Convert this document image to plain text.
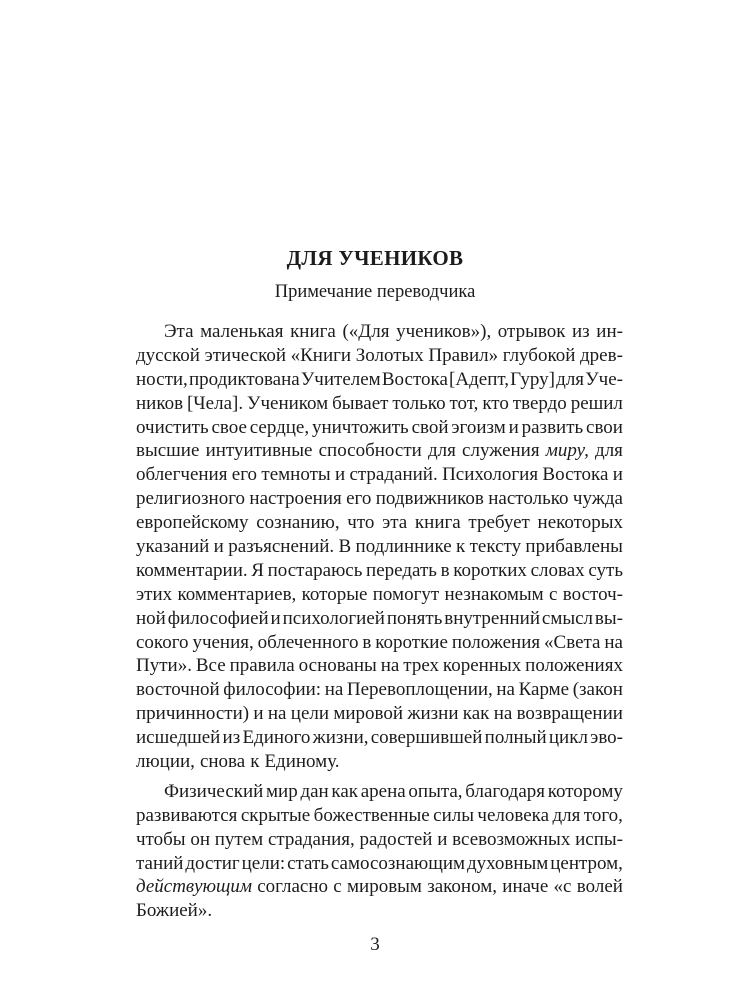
ДЛЯ УЧЕНИКОВ

Примечание переводчика

Эта маленькая книга («Для учеников»), отрывок из ин-
дусской этической «Книги Золотых Правил» глубокой древ-
ности, продиктована Учителем Востока [Адепт, Гуру] для Уче-
ников [Чела]. Учеником бывает только тот, кто твердо решил
очистить свое сердце, уничтожить свой эгоизм и развить свои
высшие интуитивные способности для служения миру, для
облегчения его темноты и страданий. Психология Востока и
религиозного настроения его подвижников настолько чужда
европейскому сознанию, что эта книга требует некоторых
указаний и разъяснений. В подлиннике к тексту прибавлены
комментарии. Я постараюсь передать в коротких словах суть
этих комментариев, которые помогут незнакомым с восточ-
ной философией и психологией понять внутренний смысл вы-
сокого учения, облеченного в короткие положения «Света на
Пути». Все правила основаны на трех коренных положениях
восточной философии: на Перевоплощении, на Карме (закон
причинности) и на цели мировой жизни как на возвращении
исшедшей из Единого жизни, совершившей полный цикл эво-
люции, снова к Единому.
Физический мир дан как арена опыта, благодаря которому
развиваются скрытые божественные силы человека для того,
чтобы он путем страдания, радостей и всевозможных испы-
таний достиг цели: стать самосознающим духовным центром,
действующим согласно с мировым законом, иначе «с волей
Божией».
3
